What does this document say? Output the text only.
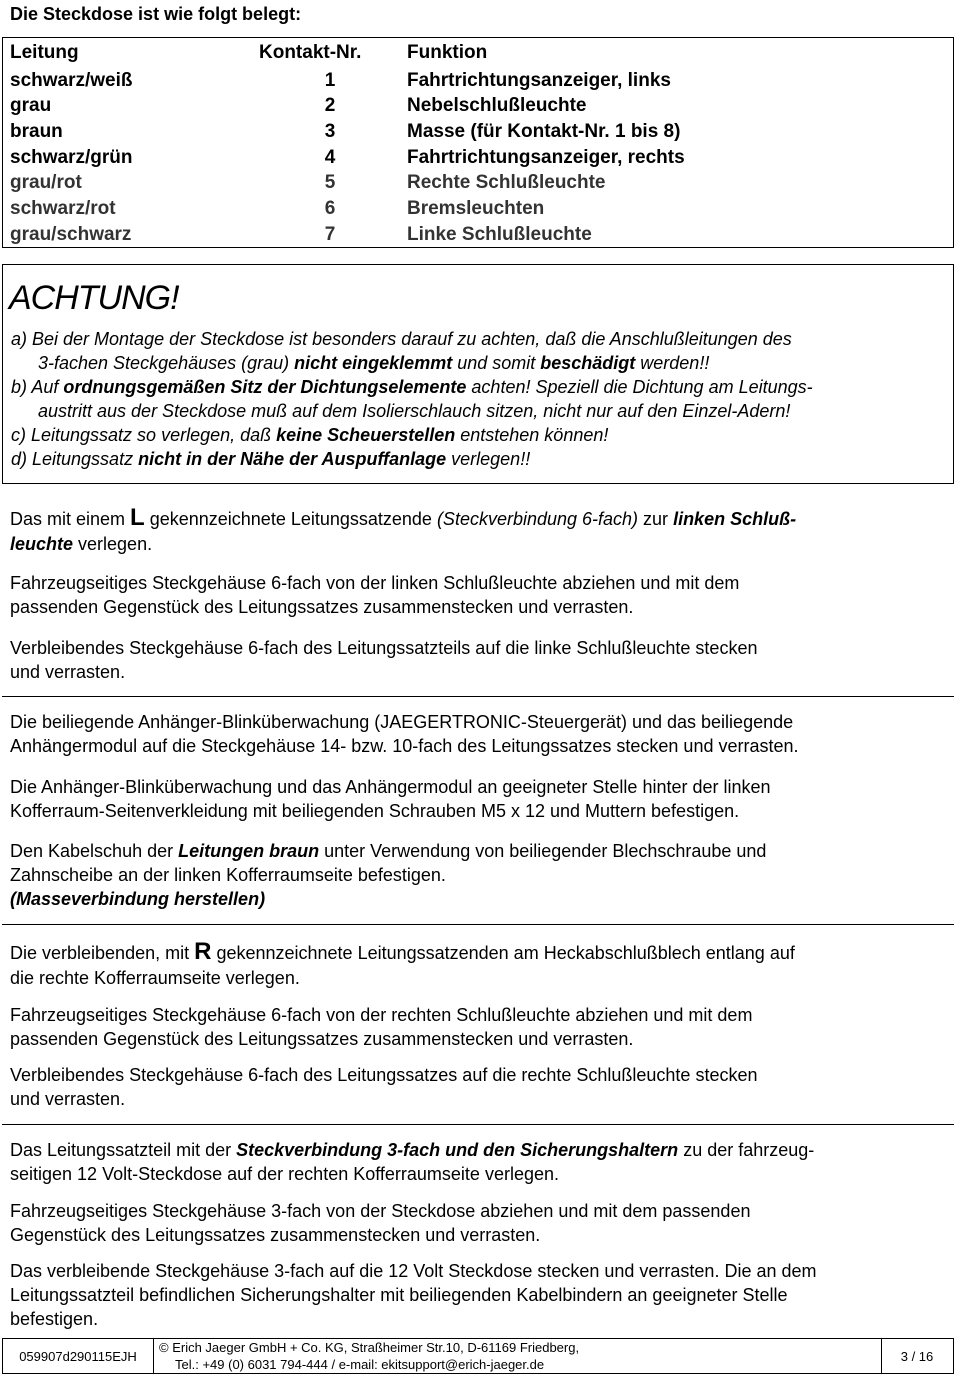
Die Steckdose ist wie folgt belegt:
Leitung	Kontakt-Nr. Funktion
schwarz/weiß	1	Fahrtrichtungsanzeiger, links
grau	2	Nebelschlußleuchte
braun	3	Masse (für Kontakt-Nr. 1 bis 8)
schwarz/grün	4	Fahrtrichtungsanzeiger, rechts
grau/rot	5	Rechte Schlußleuchte
schwarz/rot	6	Bremsleuchten
grau/schwarz	7	Linke Schlußleuchte
ACHTUNG!
a) Bei der Montage der Steckdose ist besonders darauf zu achten, daß die Anschlußleitungen des
3-fachen Steckgehäuses (grau) nicht eingeklemmt und somit beschädigt werden!!
b) Auf ordnungsgemäßen Sitz der Dichtungselemente achten! Speziell die Dichtung am Leitungs-
austritt aus der Steckdose muß auf dem Isolierschlauch sitzen, nicht nur auf den Einzel-Adern!
c) Leitungssatz so verlegen, daß keine Scheuerstellen entstehen können!
d) Leitungssatz nicht in der Nähe der Auspuffanlage verlegen!!
Das mit einem L gekennzeichnete Leitungssatzende (Steckverbindung 6-fach) zur linken Schluß-
leuchte verlegen.
Fahrzeugseitiges Steckgehäuse 6-fach von der linken Schlußleuchte abziehen und mit dem
passenden Gegenstück des Leitungssatzes zusammenstecken und verrasten.
Verbleibendes Steckgehäuse 6-fach des Leitungssatzteils auf die linke Schlußleuchte stecken
und verrasten.
Die beiliegende Anhänger-Blinküberwachung (JAEGERTRONIC-Steuergerät) und das beiliegende
Anhängermodul auf die Steckgehäuse 14- bzw. 10-fach des Leitungssatzes stecken und verrasten.
Die Anhänger-Blinküberwachung und das Anhängermodul an geeigneter Stelle hinter der linken
Kofferraum-Seitenverkleidung mit beiliegenden Schrauben M5 x 12 und Muttern befestigen.
Den Kabelschuh der Leitungen braun unter Verwendung von beiliegender Blechschraube und
Zahnscheibe an der linken Kofferraumseite befestigen.
(Masseverbindung herstellen)
Die verbleibenden, mit R gekennzeichnete Leitungssatzenden am Heckabschlußblech entlang auf
die rechte Kofferraumseite verlegen.
Fahrzeugseitiges Steckgehäuse 6-fach von der rechten Schlußleuchte abziehen und mit dem
passenden Gegenstück des Leitungssatzes zusammenstecken und verrasten.
Verbleibendes Steckgehäuse 6-fach des Leitungssatzes auf die rechte Schlußleuchte stecken
und verrasten.
Das Leitungssatzteil mit der Steckverbindung 3-fach und den Sicherungshaltern zu der fahrzeug-
seitigen 12 Volt-Steckdose auf der rechten Kofferraumseite verlegen.
Fahrzeugseitiges Steckgehäuse 3-fach von der Steckdose abziehen und mit dem passenden
Gegenstück des Leitungssatzes zusammenstecken und verrasten.
Das verbleibende Steckgehäuse 3-fach auf die 12 Volt Steckdose stecken und verrasten. Die an dem
Leitungssatzteil befindlichen Sicherungshalter mit beiliegenden Kabelbindern an geeigneter Stelle
befestigen.
059907d290115EJH
© Erich Jaeger GmbH + Co. KG, Straßheimer Str.10, D-61169 Friedberg,
Tel.: +49 (0) 6031 794-444 / e-mail: ekitsupport@erich-jaeger.de
3 / 16
